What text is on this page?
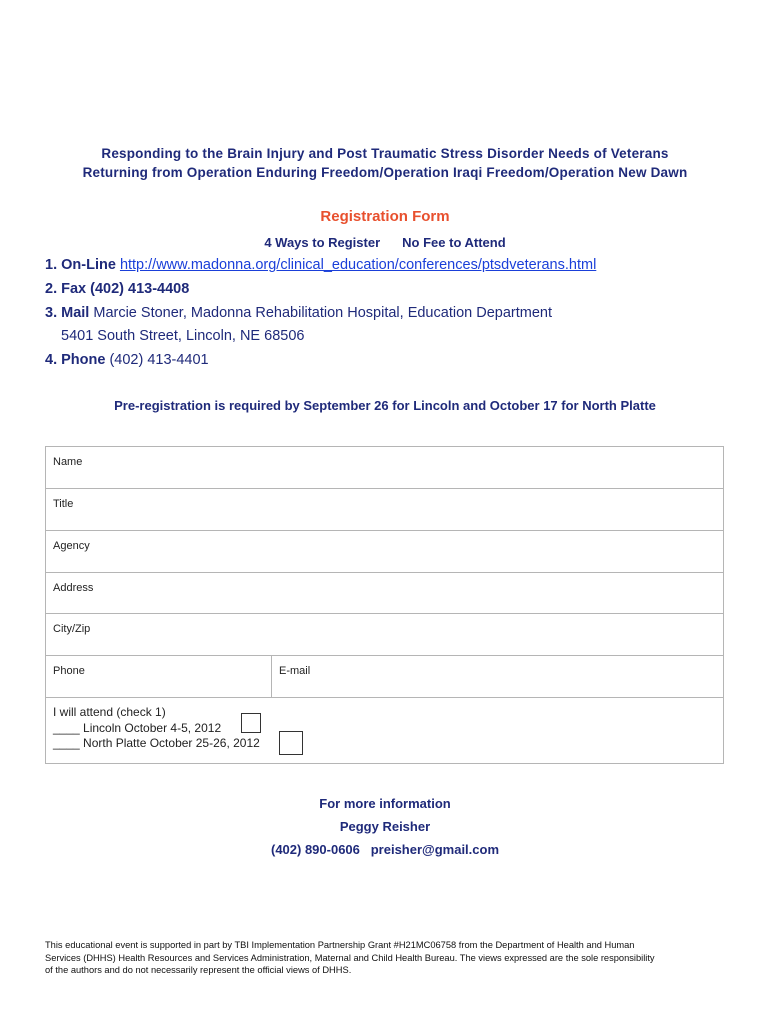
Responding to the Brain Injury and Post Traumatic Stress Disorder Needs of Veterans
Returning from Operation Enduring Freedom/Operation Iraqi Freedom/Operation New Dawn
Registration Form
4 Ways to Register No Fee to Attend
1. On-Line http://www.madonna.org/clinical_education/conferences/ptsdveterans.html
2. Fax (402) 413-4408
3. Mail Marcie Stoner, Madonna Rehabilitation Hospital, Education Department
5401 South Street, Lincoln, NE 68506
4. Phone (402) 413-4401
Pre-registration is required by September 26 for Lincoln and October 17 for North Platte
Name
Title
Agency
Address
City/Zip
Phone	E-mail
I will attend (check 1)
____ Lincoln October 4-5, 2012
____ North Platte October 25-26, 2012
For more information
Peggy Reisher
(402) 890-0606 preisher@gmail.com
This educational event is supported in part by TBI Implementation Partnership Grant #H21MC06758 from the Department of Health and Human
Services (DHHS) Health Resources and Services Administration, Maternal and Child Health Bureau. The views expressed are the sole responsibility
of the authors and do not necessarily represent the official views of DHHS.
